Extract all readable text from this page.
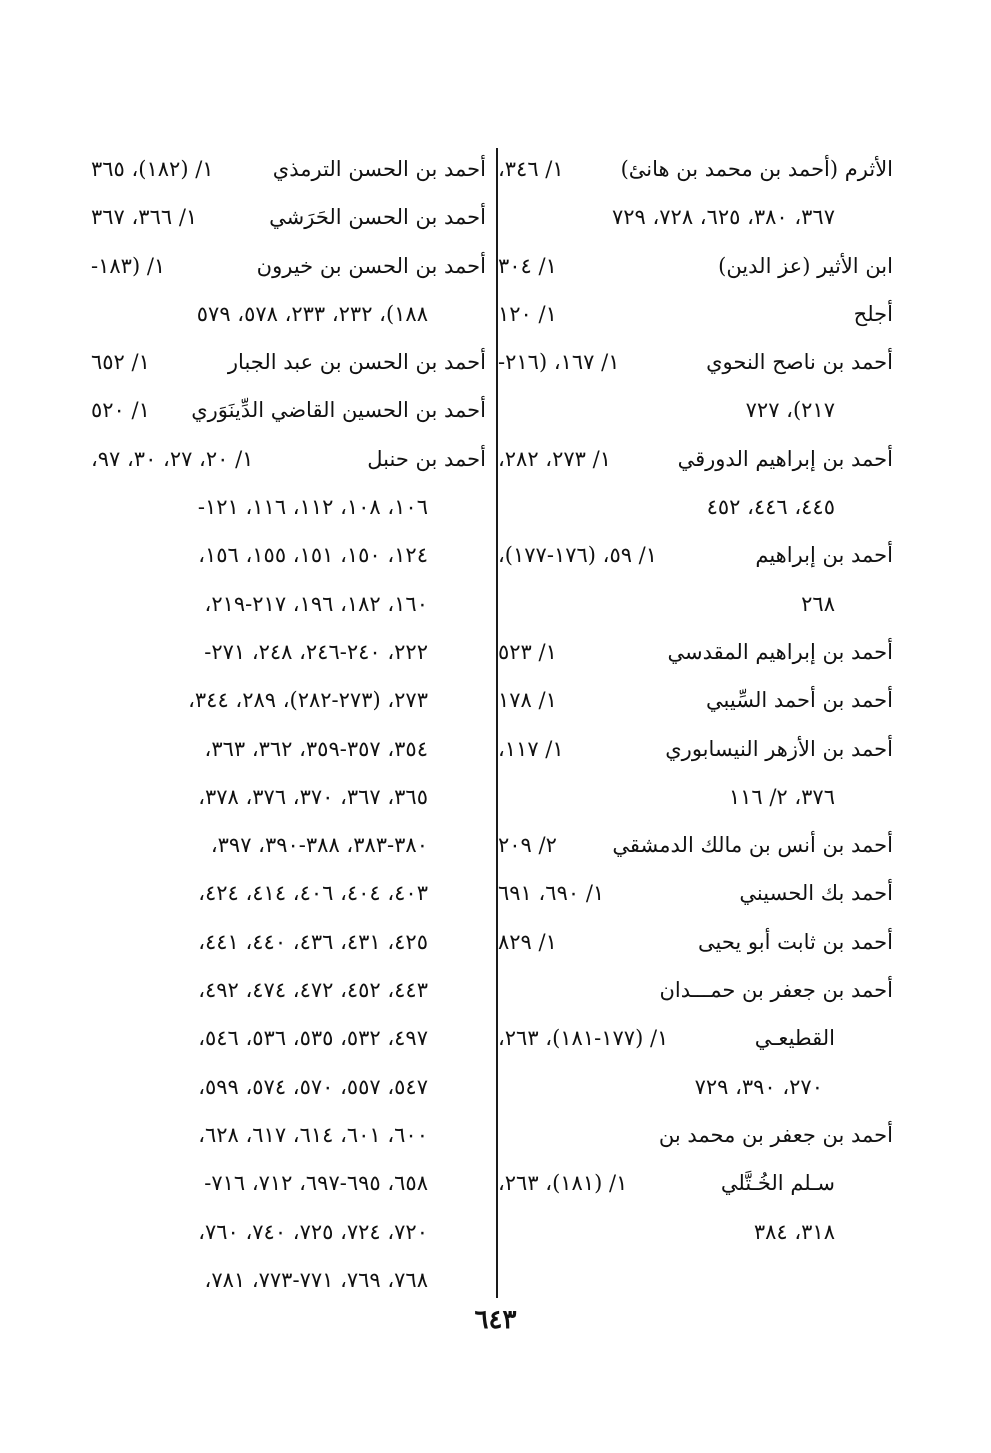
الأثرم (أحمد بن محمد بن هانئ)
١/ ٣٤٦،
٣٦٧، ٣٨٠، ٦٢٥، ٧٢٨، ٧٢٩
ابن الأثير (عز الدين)
١/ ٣٠٤
أجلح
١/ ١٢٠
أحمد بن ناصح النحوي
١/ ١٦٧، (٢١٦-
٢١٧)، ٧٢٧
أحمد بن إبراهيم الدورقي
١/ ٢٧٣، ٢٨٢،
٤٤٥، ٤٤٦، ٤٥٢
أحمد بن إبراهيم
١/ ٥٩، (١٧٦-١٧٧)،
٢٦٨
أحمد بن إبراهيم المقدسي
١/ ٥٢٣
أحمد بن أحمد السِّيبي
١/ ١٧٨
أحمد بن الأزهر النيسابوري
١/ ١١٧،
٣٧٦، ٢/ ١١٦
أحمد بن أنس بن مالك الدمشقي
٢/ ٢٠٩
أحمد بك الحسيني
١/ ٦٩٠، ٦٩١
أحمد بن ثابت أبو يحيى
١/ ٨٢٩
أحمد بن جعفر بن حمـــدان
القطيعـي
١/ (١٧٧-١٨١)، ٢٦٣،
٢٧٠، ٣٩٠، ٧٢٩
أحمد بن جعفر بن محمد بن
سـلم الخُـتَّلي
١/ (١٨١)، ٢٦٣،
٣١٨، ٣٨٤
أحمد بن الحسن الترمذي
١/ (١٨٢)، ٣٦٥
أحمد بن الحسن الحَرَشي
١/ ٣٦٦، ٣٦٧
أحمد بن الحسن بن خيرون
١/ (١٨٣-
١٨٨)، ٢٣٢، ٢٣٣، ٥٧٨، ٥٧٩
أحمد بن الحسن بن عبد الجبار
١/ ٦٥٢
أحمد بن الحسين القاضي الدِّينَوَري
١/ ٥٢٠
أحمد بن حنبل
١/ ٢٠، ٢٧، ٣٠، ٩٧،
١٠٦، ١٠٨، ١١٢، ١١٦، ١٢١-
١٢٤، ١٥٠، ١٥١، ١٥٥، ١٥٦،
١٦٠، ١٨٢، ١٩٦، ٢١٧-٢١٩،
٢٢٢، ٢٤٠-٢٤٦، ٢٤٨، ٢٧١-
٢٧٣، (٢٧٣-٢٨٢)، ٢٨٩، ٣٤٤،
٣٥٤، ٣٥٧-٣٥٩، ٣٦٢، ٣٦٣،
٣٦٥، ٣٦٧، ٣٧٠، ٣٧٦، ٣٧٨،
٣٨٠-٣٨٣، ٣٨٨-٣٩٠، ٣٩٧،
٤٠٣، ٤٠٤، ٤٠٦، ٤١٤، ٤٢٤،
٤٢٥، ٤٣١، ٤٣٦، ٤٤٠، ٤٤١،
٤٤٣، ٤٥٢، ٤٧٢، ٤٧٤، ٤٩٢،
٤٩٧، ٥٣٢، ٥٣٥، ٥٣٦، ٥٤٦،
٥٤٧، ٥٥٧، ٥٧٠، ٥٧٤، ٥٩٩،
٦٠٠، ٦٠١، ٦١٤، ٦١٧، ٦٢٨،
٦٥٨، ٦٩٥-٦٩٧، ٧١٢، ٧١٦-
٧٢٠، ٧٢٤، ٧٢٥، ٧٤٠، ٧٦٠،
٧٦٨، ٧٦٩، ٧٧١-٧٧٣، ٧٨١،
٦٤٣
